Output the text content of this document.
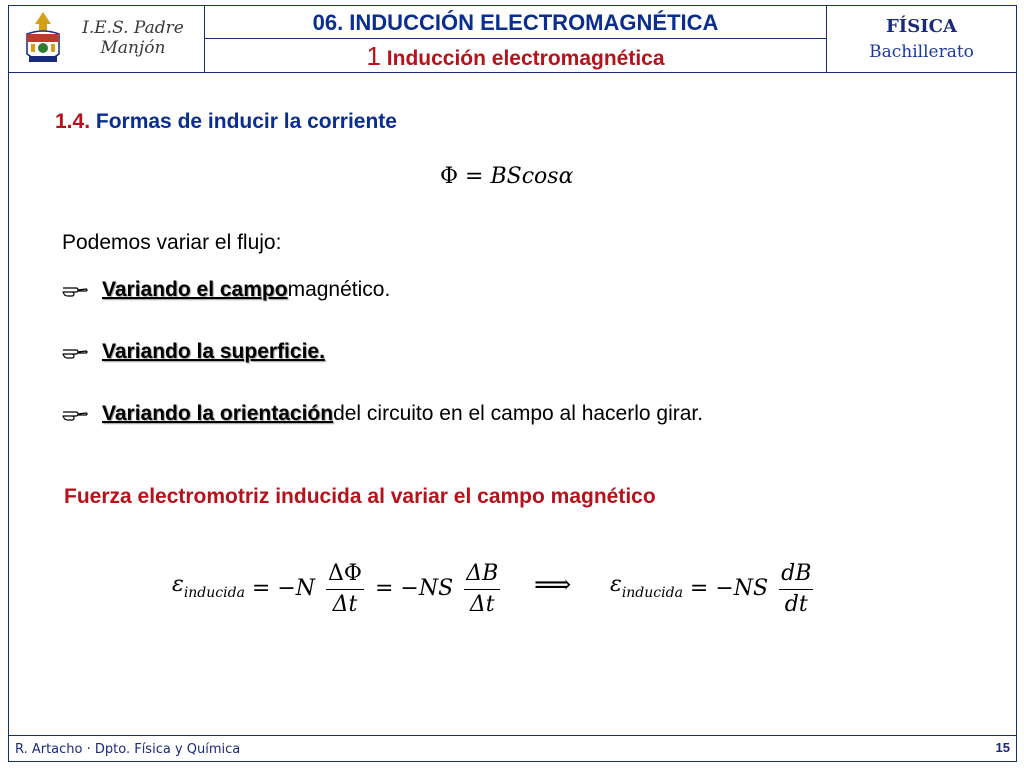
I.E.S. Padre
Manjón
06. INDUCCIÓN ELECTROMAGNÉTICA
1 Inducción electromagnética
FÍSICA
Bachillerato
1.4. Formas de inducir la corriente
Φ = BScosα
Podemos variar el flujo:
Variando el campo magnético.
Variando la superficie.
Variando la orientación del circuito en el campo al hacerlo girar.
Fuerza electromotriz inducida al variar el campo magnético
$\varepsilon_{inducida} = -N \frac{\Delta\Phi}{\Delta t} = -NS \frac{\Delta B}{\Delta t}$ ⟹ $\varepsilon_{inducida} = -NS \frac{dB}{dt}$
R. Artacho · Dpto. Física y Química	15
